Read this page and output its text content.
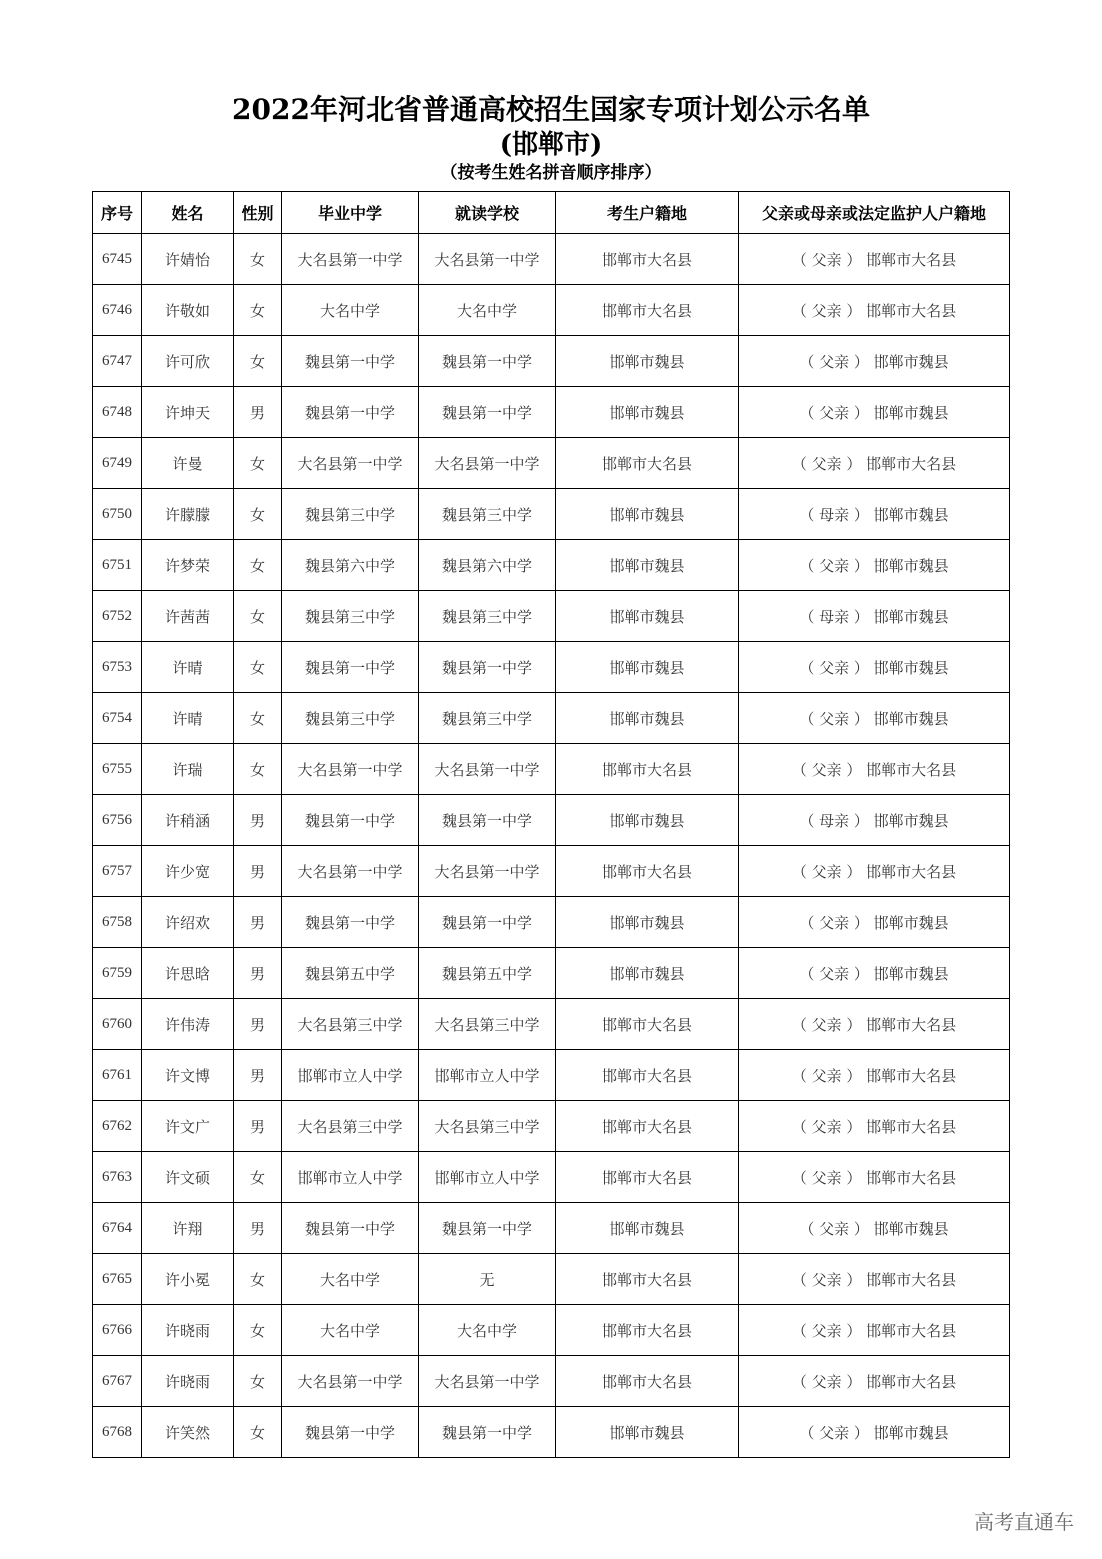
2022年河北省普通高校招生国家专项计划公示名单
(邯郸市)
（按考生姓名拼音顺序排序）
序号	姓名	性别	毕业中学	就读学校	考生户籍地	父亲或母亲或法定监护人户籍地
6745	许婧怡	女	大名县第一中学	大名县第一中学	邯郸市大名县	（ 父亲 ） 邯郸市大名县
6746	许敬如	女	大名中学	大名中学	邯郸市大名县	（ 父亲 ） 邯郸市大名县
6747	许可欣	女	魏县第一中学	魏县第一中学	邯郸市魏县	（ 父亲 ） 邯郸市魏县
6748	许坤天	男	魏县第一中学	魏县第一中学	邯郸市魏县	（ 父亲 ） 邯郸市魏县
6749	许曼	女	大名县第一中学	大名县第一中学	邯郸市大名县	（ 父亲 ） 邯郸市大名县
6750	许朦朦	女	魏县第三中学	魏县第三中学	邯郸市魏县	（ 母亲 ） 邯郸市魏县
6751	许梦荣	女	魏县第六中学	魏县第六中学	邯郸市魏县	（ 父亲 ） 邯郸市魏县
6752	许茜茜	女	魏县第三中学	魏县第三中学	邯郸市魏县	（ 母亲 ） 邯郸市魏县
6753	许晴	女	魏县第一中学	魏县第一中学	邯郸市魏县	（ 父亲 ） 邯郸市魏县
6754	许晴	女	魏县第三中学	魏县第三中学	邯郸市魏县	（ 父亲 ） 邯郸市魏县
6755	许瑞	女	大名县第一中学	大名县第一中学	邯郸市大名县	（ 父亲 ） 邯郸市大名县
6756	许稍涵	男	魏县第一中学	魏县第一中学	邯郸市魏县	（ 母亲 ） 邯郸市魏县
6757	许少宽	男	大名县第一中学	大名县第一中学	邯郸市大名县	（ 父亲 ） 邯郸市大名县
6758	许绍欢	男	魏县第一中学	魏县第一中学	邯郸市魏县	（ 父亲 ） 邯郸市魏县
6759	许思晗	男	魏县第五中学	魏县第五中学	邯郸市魏县	（ 父亲 ） 邯郸市魏县
6760	许伟涛	男	大名县第三中学	大名县第三中学	邯郸市大名县	（ 父亲 ） 邯郸市大名县
6761	许文博	男	邯郸市立人中学	邯郸市立人中学	邯郸市大名县	（ 父亲 ） 邯郸市大名县
6762	许文广	男	大名县第三中学	大名县第三中学	邯郸市大名县	（ 父亲 ） 邯郸市大名县
6763	许文硕	女	邯郸市立人中学	邯郸市立人中学	邯郸市大名县	（ 父亲 ） 邯郸市大名县
6764	许翔	男	魏县第一中学	魏县第一中学	邯郸市魏县	（ 父亲 ） 邯郸市魏县
6765	许小冕	女	大名中学	无	邯郸市大名县	（ 父亲 ） 邯郸市大名县
6766	许晓雨	女	大名中学	大名中学	邯郸市大名县	（ 父亲 ） 邯郸市大名县
6767	许晓雨	女	大名县第一中学	大名县第一中学	邯郸市大名县	（ 父亲 ） 邯郸市大名县
6768	许笑然	女	魏县第一中学	魏县第一中学	邯郸市魏县	（ 父亲 ） 邯郸市魏县
高考直通车
